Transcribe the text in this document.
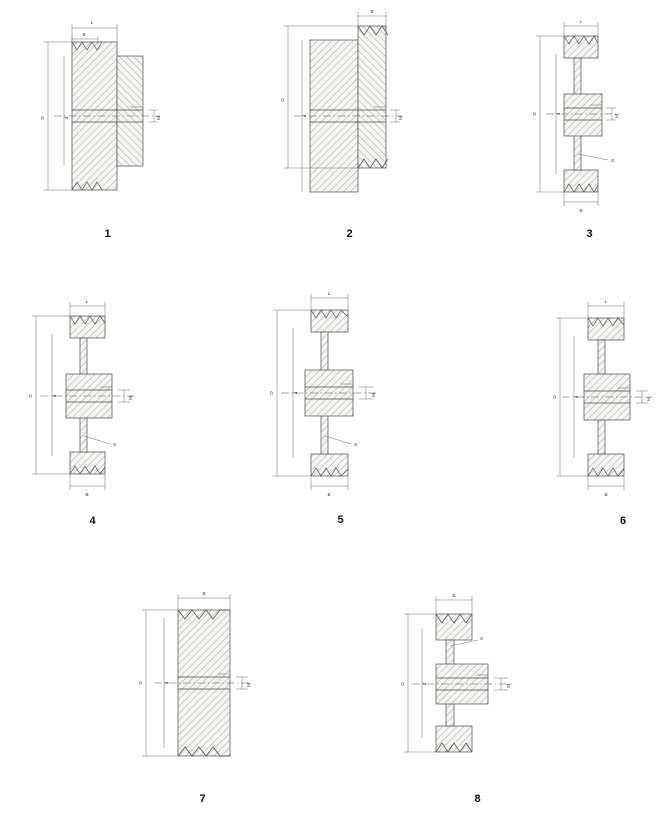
L
B
D	d	M
1
B
D
d
M
2
L
D	d
M
S
B
3
L
D	d
M
S
B
4
L
D	d
M
S
B
5
L
D	d
M
B
6
B
D	d
M
7
B
D	d
M
S
8
